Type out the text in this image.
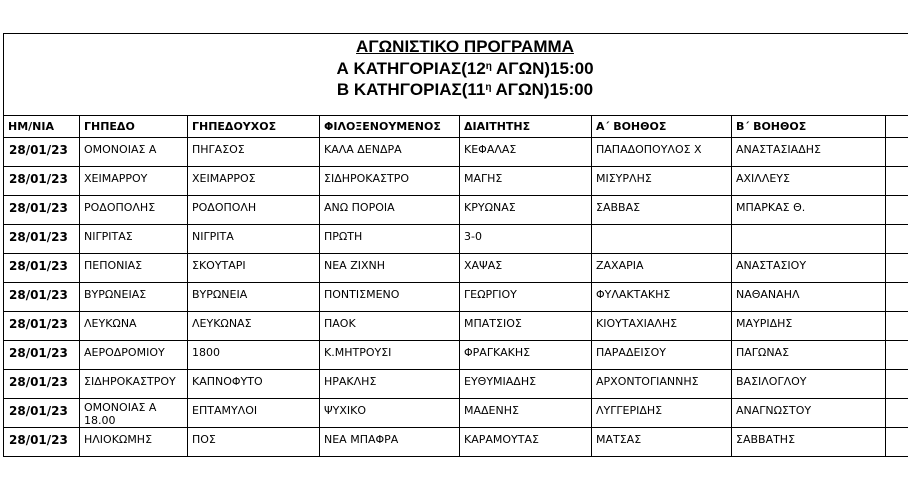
ΑΓΩΝΙΣΤΙΚΟ ΠΡΟΓΡΑΜΜΑ
Α $KATH\Gamma OPIA\Sigma(12^\eta$ ΑΓΩΝ)15:00
Β $KATH\Gamma OPIA\Sigma(11^\eta$ ΑΓΩΝ)15:00
ΗΜ/ΝΙΑ	ΓΗΠΕΔΟ	ΓΗΠΕΔΟΥΧΟΣ	ΦΙΛΟΞΕΝΟΥΜΕΝΟΣ	ΔΙΑΙΤΗΤΗΣ	Α΄ ΒΟΗΘΟΣ	Β΄ ΒΟΗΘΟΣ	
28/01/23	ΟΜΟΝΟΙΑΣ Α	ΠΗΓΑΣΟΣ	ΚΑΛΑ ΔΕΝΔΡΑ	ΚΕΦΑΛΑΣ	ΠΑΠΑΔΟΠΟΥΛΟΣ Χ	ΑΝΑΣΤΑΣΙΑΔΗΣ	
28/01/23	ΧΕΙΜΑΡΡΟΥ	ΧΕΙΜΑΡΡΟΣ	ΣΙΔΗΡΟΚΑΣΤΡΟ	ΜΑΓΗΣ	ΜΙΣΥΡΛΗΣ	ΑΧΙΛΛΕΥΣ	
28/01/23	ΡΟΔΟΠΟΛΗΣ	ΡΟΔΟΠΟΛΗ	ΑΝΩ ΠΟΡΟΙΑ	ΚΡΥΩΝΑΣ	ΣΑΒΒΑΣ	ΜΠΑΡΚΑΣ Θ.	
28/01/23	ΝΙΓΡΙΤΑΣ	ΝΙΓΡΙΤΑ	ΠΡΩΤΗ	3-0			
28/01/23	ΠΕΠΟΝΙΑΣ	ΣΚΟΥΤΑΡΙ	ΝΕΑ ΖΙΧΝΗ	ΧΑΨΑΣ	ΖΑΧΑΡΙΑ	ΑΝΑΣΤΑΣΙΟΥ	
28/01/23	ΒΥΡΩΝΕΙΑΣ	ΒΥΡΩΝΕΙΑ	ΠΟΝΤΙΣΜΕΝΟ	ΓΕΩΡΓΙΟΥ	ΦΥΛΑΚΤΑΚΗΣ	ΝΑΘΑΝΑΗΛ	
28/01/23	ΛΕΥΚΩΝΑ	ΛΕΥΚΩΝΑΣ	ΠΑΟΚ	ΜΠΑΤΣΙΟΣ	ΚΙΟΥΤΑΧΙΑΛΗΣ	ΜΑΥΡΙΔΗΣ	
28/01/23	ΑΕΡΟΔΡΟΜΙΟΥ	1800	Κ.ΜΗΤΡΟΥΣΙ	ΦΡΑΓΚΑΚΗΣ	ΠΑΡΑΔΕΙΣΟΥ	ΠΑΓΩΝΑΣ	
28/01/23	ΣΙΔΗΡΟΚΑΣΤΡΟΥ	ΚΑΠΝΟΦΥΤΟ	ΗΡΑΚΛΗΣ	ΕΥΘΥΜΙΑΔΗΣ	ΑΡΧΟΝΤΟΓΙΑΝΝΗΣ	ΒΑΣΙΛΟΓΛΟΥ	
28/01/23	ΟΜΟΝΟΙΑΣ Α 18.00	ΕΠΤΑΜΥΛΟΙ	ΨΥΧΙΚΟ	ΜΑΔΕΝΗΣ	ΛΥΓΓΕΡΙΔΗΣ	ΑΝΑΓΝΩΣΤΟΥ	
28/01/23	ΗΛΙΟΚΩΜΗΣ	ΠΟΣ	ΝΕΑ ΜΠΑΦΡΑ	ΚΑΡΑΜΟΥΤΑΣ	ΜΑΤΣΑΣ	ΣΑΒΒΑΤΗΣ	
